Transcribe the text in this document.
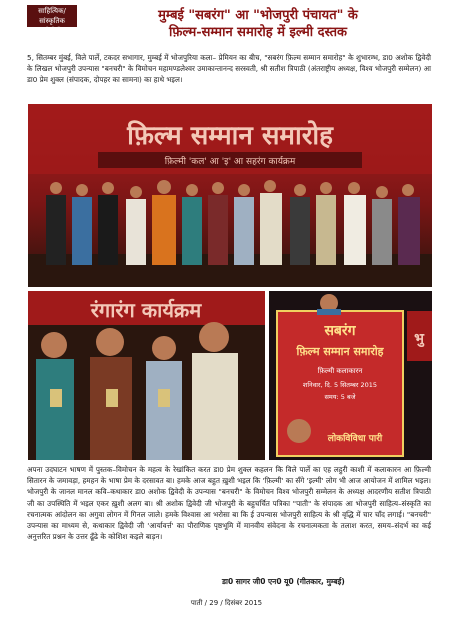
साहित्यिक/सांस्कृतिक
गतिविधि
मुम्बई "सबरंग" आ "भोजपुरी पंचायत" के
फ़िल्म-सम्मान समारोह में इल्मी दस्तक
5, सितम्बर मुंबई, विले पार्ले, टकदर सभागार, मुम्बई में भोजपुरिया कला– प्रेमियन का बीच, "सबरंग फ़िल्म सम्मान समारोह" के शुभारम्भ, डा0 अशोक द्विवेदी के लिखल भोजपुरी उपन्यास "बनचरी" के विमोचन महामण्डलेश्वर उमाकान्तानन्द सरस्वती, श्री सतीश त्रिपाठी (अंतराष्ट्रीय अध्यक्ष, विश्व भोजपुरी सम्मेलन) आ डा0 प्रेम शुक्ल (संपादक, दोपहर का सामना) का हाथे भइल।
फ़िल्म सम्मान समारोह
फ़िल्मी 'कल' आ 'इ' आ सहरंग कार्यक्रम
रंगारंग कार्यक्रम
सबरंग
फ़िल्म सम्मान समारोह
फ़िल्मी कलाकारन
शनिवार, दि. 5 सितम्बर 2015
समय: 5 बजे
लोकविविधा पारी
भु
अपना उदघाटन भाषण में पुस्तक–विमोचन के महत्व के रेखांकित करत डा0 प्रेम शुक्ल कहलन कि विले पार्ले का एह लहुरी काशी में कलाकारन आ फ़िल्मी सितारन के जमावड़ा, हमहन के भाषा प्रेम के दरसावत बा। हमके आज बहुत ख़ुशी भइल कि 'फ़िल्मी' का सँगे 'इल्मी' लोग भी आज आयोजन में शामिल भइल। भोजपुरी के जानल मानल कवि–कथाकार डा0 अशोक द्विवेदी के उपन्यास "बनचरी" के विमोचन विश्व भोजपुरी सम्मेलन के अध्यक्ष आदरणीय सतीश त्रिपाठी जी का उपस्थिति में भइल एकर ख़ुशी अलग बा। श्री अशोक द्विवेदी जी भोजपुरी के बहुचर्चित पत्रिका "पाती" के संपादक आ भोजपुरी साहित्य–संस्कृति का रचनात्मक आंदोलन का अगुवा लोगन में गिनल जाले। हमके विश्वास आ भरोसा बा कि ई उपन्यास भोजपुरी साहित्य के श्री वृद्धि में चार चाँद लगाई। "बनचरी" उपन्यास का माध्यम से, कथाकार द्विवेदी जी 'आर्यावर्त्त' का पौराणिक पृष्ठभूमि में मानवीय संवेदना के रचनात्मकता के तलाश करत, समय–संदर्भ का कई अनुत्तरित प्रश्नन के उत्तर ढूँढे के कोशिश कइले बाड़न।
डा0 सागर जी0 एन0 यू0 (गीतकार, मुम्बई)
पाती / 29 / दिसंबर 2015
